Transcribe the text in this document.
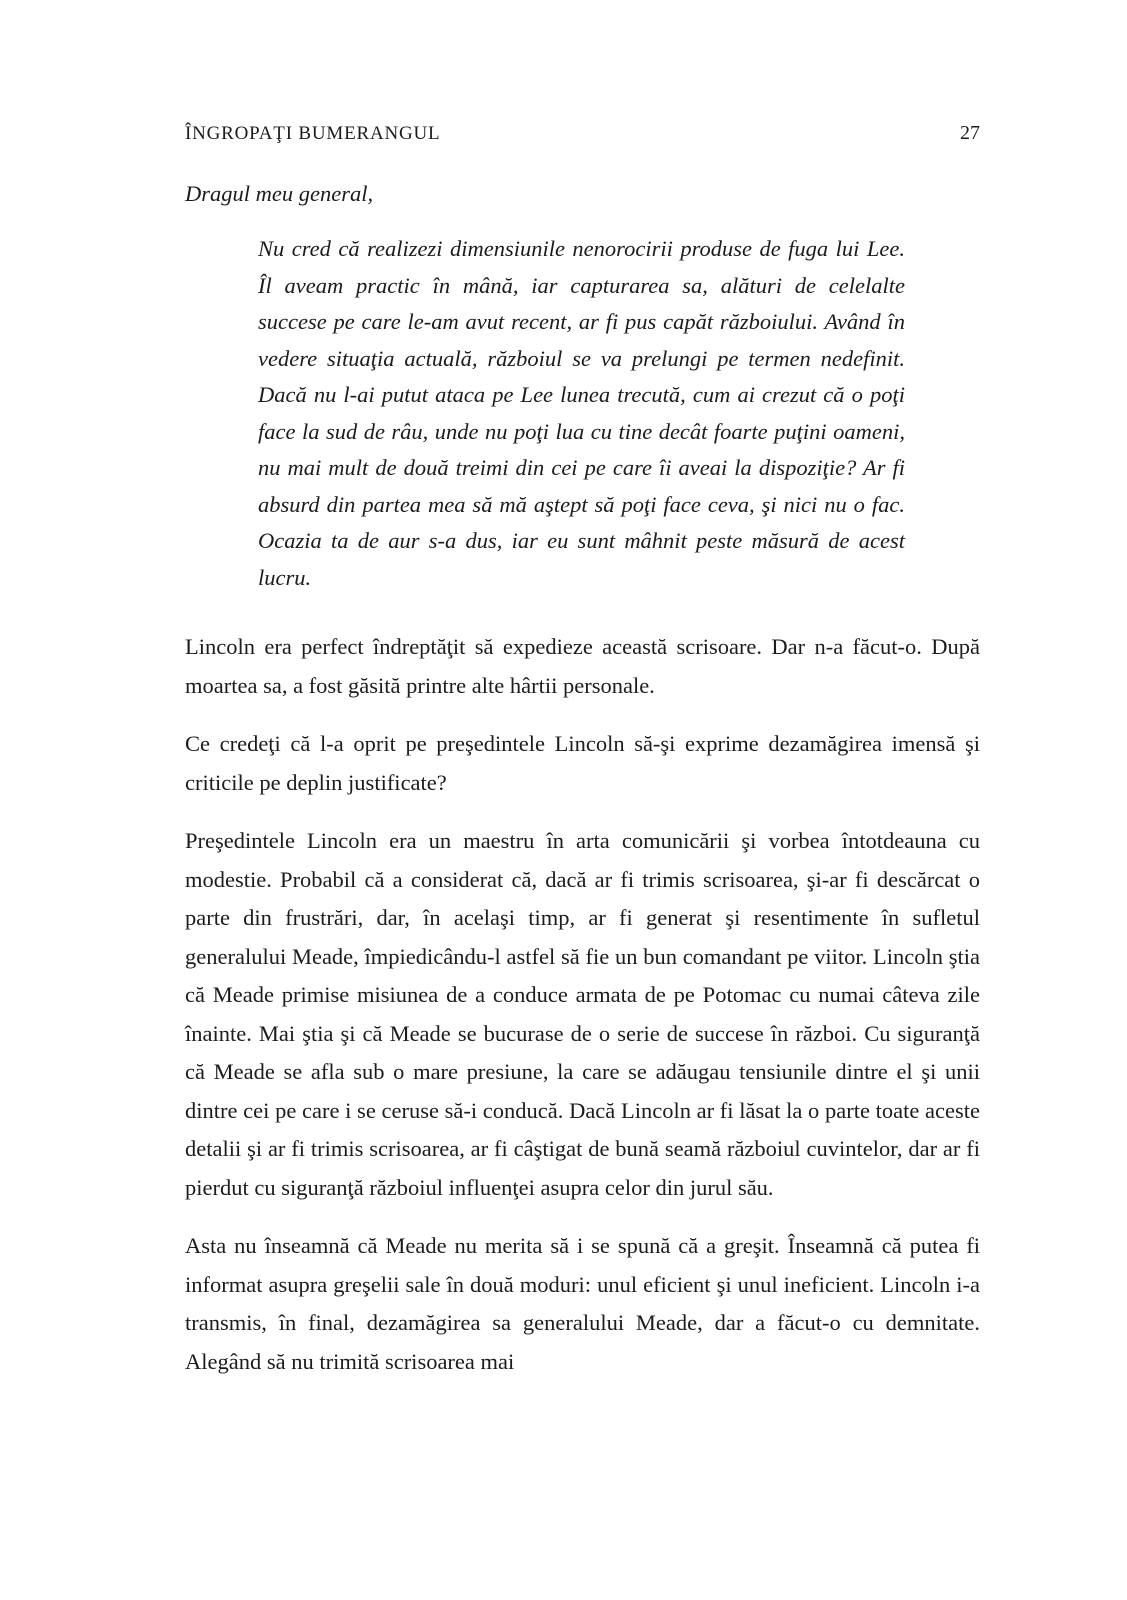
ÎNGROPAŢI BUMERANGUL	27

Dragul meu general,

Nu cred că realizezi dimensiunile nenorocirii produse de fuga lui Lee. Îl aveam practic în mână, iar capturarea sa, alături de celelalte succese pe care le-am avut recent, ar fi pus capăt războiului. Având în vedere situaţia actuală, războiul se va prelungi pe termen nedefinit. Dacă nu l-ai putut ataca pe Lee lunea trecută, cum ai crezut că o poţi face la sud de râu, unde nu poţi lua cu tine decât foarte puţini oameni, nu mai mult de două treimi din cei pe care îi aveai la dispoziţie? Ar fi absurd din partea mea să mă aştept să poţi face ceva, şi nici nu o fac. Ocazia ta de aur s-a dus, iar eu sunt mâhnit peste măsură de acest lucru.

Lincoln era perfect îndreptăţit să expedieze această scrisoare. Dar n-a făcut-o. După moartea sa, a fost găsită printre alte hârtii personale.

Ce credeţi că l-a oprit pe preşedintele Lincoln să-şi exprime dezamăgirea imensă şi criticile pe deplin justificate?

Preşedintele Lincoln era un maestru în arta comunicării şi vorbea întotdeauna cu modestie. Probabil că a considerat că, dacă ar fi trimis scrisoarea, şi-ar fi descărcat o parte din frustrări, dar, în acelaşi timp, ar fi generat şi resentimente în sufletul generalului Meade, împiedicându-l astfel să fie un bun comandant pe viitor. Lincoln ştia că Meade primise misiunea de a conduce armata de pe Potomac cu numai câteva zile înainte. Mai ştia şi că Meade se bucurase de o serie de succese în război. Cu siguranţă că Meade se afla sub o mare presiune, la care se adăugau tensiunile dintre el şi unii dintre cei pe care i se ceruse să-i conducă. Dacă Lincoln ar fi lăsat la o parte toate aceste detalii şi ar fi trimis scrisoarea, ar fi câştigat de bună seamă războiul cuvintelor, dar ar fi pierdut cu siguranţă războiul influenţei asupra celor din jurul său.

Asta nu înseamnă că Meade nu merita să i se spună că a greşit. Înseamnă că putea fi informat asupra greşelii sale în două moduri: unul eficient şi unul ineficient. Lincoln i-a transmis, în final, dezamăgirea sa generalului Meade, dar a făcut-o cu demnitate. Alegând să nu trimită scrisoarea mai
